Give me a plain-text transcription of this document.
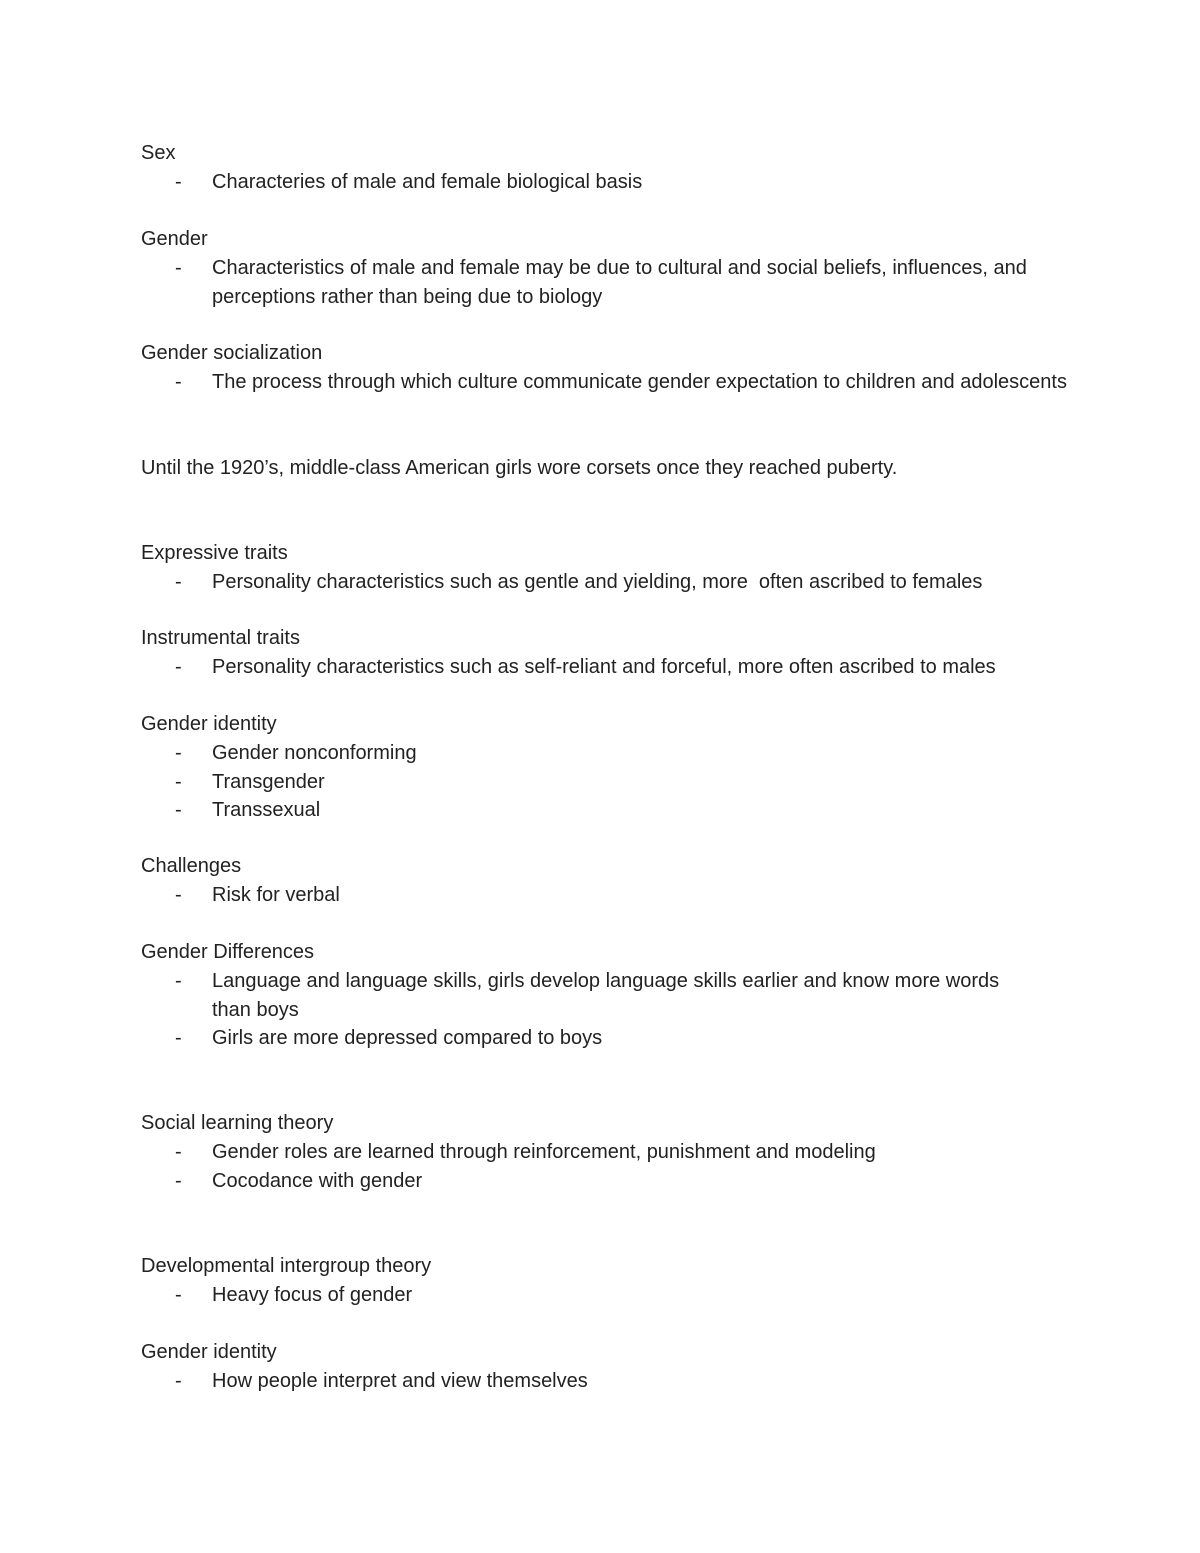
Sex
- Characteries of male and female biological basis
Gender
- Characteristics of male and female may be due to cultural and social beliefs, influences, and perceptions rather than being due to biology
Gender socialization
- The process through which culture communicate gender expectation to children and adolescents
Until the 1920’s, middle-class American girls wore corsets once they reached puberty.
Expressive traits
- Personality characteristics such as gentle and yielding, more  often ascribed to females
Instrumental traits
- Personality characteristics such as self-reliant and forceful, more often ascribed to males
Gender identity
- Gender nonconforming
- Transgender
- Transsexual
Challenges
- Risk for verbal
Gender Differences
- Language and language skills, girls develop language skills earlier and know more words than boys
- Girls are more depressed compared to boys
Social learning theory
- Gender roles are learned through reinforcement, punishment and modeling
- Cocodance with gender
Developmental intergroup theory
- Heavy focus of gender
Gender identity
- How people interpret and view themselves
